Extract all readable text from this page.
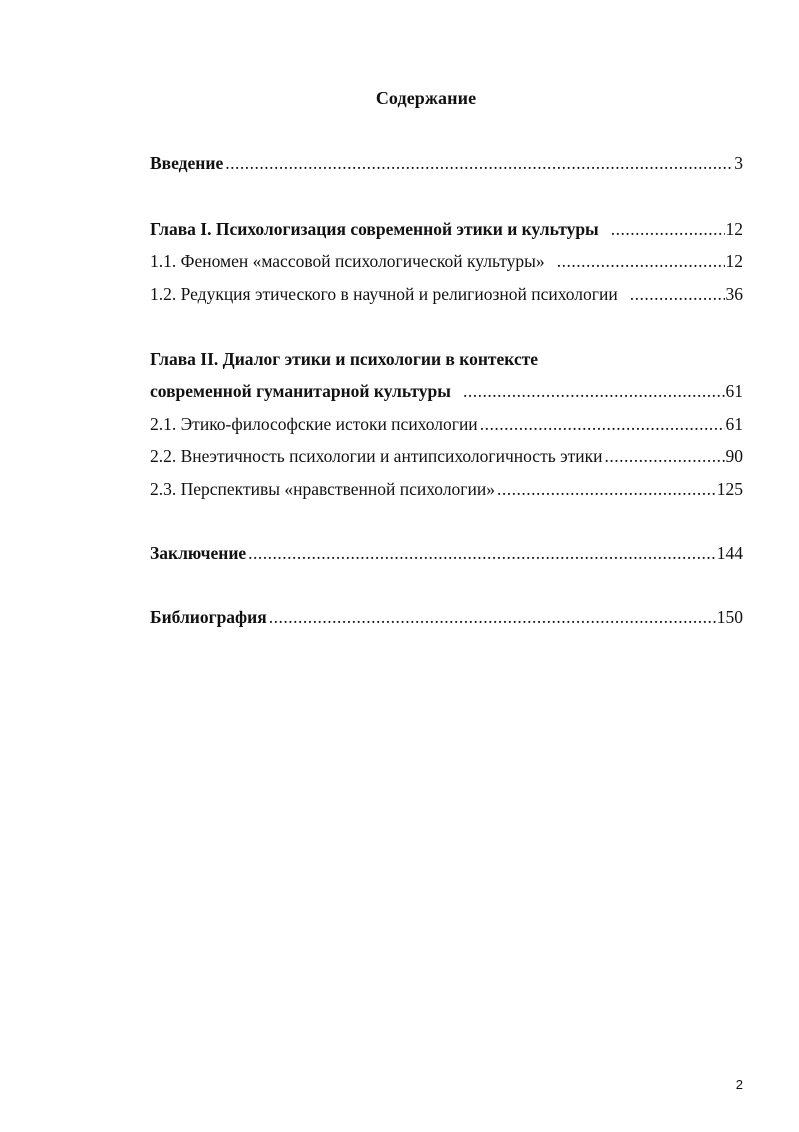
Содержание
Введение .....	3
Глава I. Психологизация современной этики и культуры .....	12
1.1. Феномен «массовой психологической культуры» .....	12
1.2. Редукция этического в научной и религиозной психологии .....	36
Глава II. Диалог этики и психологии в контексте
современной гуманитарной культуры .....	61
2.1. Этико-философские истоки психологии .....	61
2.2. Внеэтичность психологии и антипсихологичность этики .....	90
2.3. Перспективы «нравственной психологии» .....	125
Заключение .....	144
Библиография .....	150
2
